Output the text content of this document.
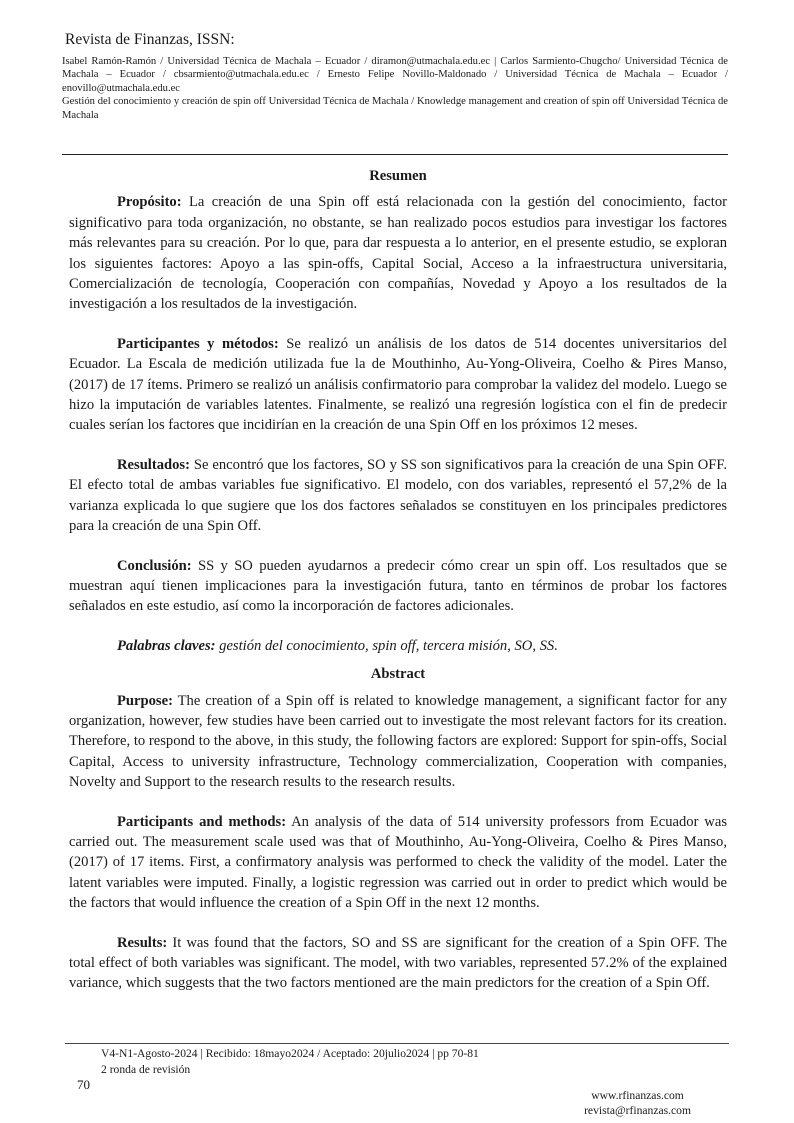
Revista de Finanzas, ISSN:
Isabel Ramón-Ramón / Universidad Técnica de Machala – Ecuador / diramon@utmachala.edu.ec | Carlos Sarmiento-Chugcho/ Universidad Técnica de Machala – Ecuador / cbsarmiento@utmachala.edu.ec / Ernesto Felipe Novillo-Maldonado / Universidad Técnica de Machala – Ecuador / enovillo@utmachala.edu.ec
Gestión del conocimiento y creación de spin off Universidad Técnica de Machala / Knowledge management and creation of spin off Universidad Técnica de Machala
Resumen

Propósito: La creación de una Spin off está relacionada con la gestión del conocimiento, factor significativo para toda organización, no obstante, se han realizado pocos estudios para investigar los factores más relevantes para su creación. Por lo que, para dar respuesta a lo anterior, en el presente estudio, se exploran los siguientes factores: Apoyo a las spin-offs, Capital Social, Acceso a la infraestructura universitaria, Comercialización de tecnología, Cooperación con compañías, Novedad y Apoyo a los resultados de la investigación a los resultados de la investigación.

Participantes y métodos: Se realizó un análisis de los datos de 514 docentes universitarios del Ecuador. La Escala de medición utilizada fue la de Mouthinho, Au-Yong-Oliveira, Coelho & Pires Manso, (2017) de 17 ítems. Primero se realizó un análisis confirmatorio para comprobar la validez del modelo. Luego se hizo la imputación de variables latentes. Finalmente, se realizó una regresión logística con el fin de predecir cuales serían los factores que incidirían en la creación de una Spin Off en los próximos 12 meses.

Resultados: Se encontró que los factores, SO y SS son significativos para la creación de una Spin OFF. El efecto total de ambas variables fue significativo. El modelo, con dos variables, representó el 57,2% de la varianza explicada lo que sugiere que los dos factores señalados se constituyen en los principales predictores para la creación de una Spin Off.

Conclusión: SS y SO pueden ayudarnos a predecir cómo crear un spin off. Los resultados que se muestran aquí tienen implicaciones para la investigación futura, tanto en términos de probar los factores señalados en este estudio, así como la incorporación de factores adicionales.

Palabras claves: gestión del conocimiento, spin off, tercera misión, SO, SS.

Abstract

Purpose: The creation of a Spin off is related to knowledge management, a significant factor for any organization, however, few studies have been carried out to investigate the most relevant factors for its creation. Therefore, to respond to the above, in this study, the following factors are explored: Support for spin-offs, Social Capital, Access to university infrastructure, Technology commercialization, Cooperation with companies, Novelty and Support to the research results to the research results.

Participants and methods: An analysis of the data of 514 university professors from Ecuador was carried out. The measurement scale used was that of Mouthinho, Au-Yong-Oliveira, Coelho & Pires Manso, (2017) of 17 items. First, a confirmatory analysis was performed to check the validity of the model. Later the latent variables were imputed. Finally, a logistic regression was carried out in order to predict which would be the factors that would influence the creation of a Spin Off in the next 12 months.

Results: It was found that the factors, SO and SS are significant for the creation of a Spin OFF. The total effect of both variables was significant. The model, with two variables, represented 57.2% of the explained variance, which suggests that the two factors mentioned are the main predictors for the creation of a Spin Off.

V4-N1-Agosto-2024 | Recibido: 18mayo2024 / Aceptado: 20julio2024 | pp 70-81
2 ronda de revisión
70
www.rfinanzas.com
revista@rfinanzas.com
